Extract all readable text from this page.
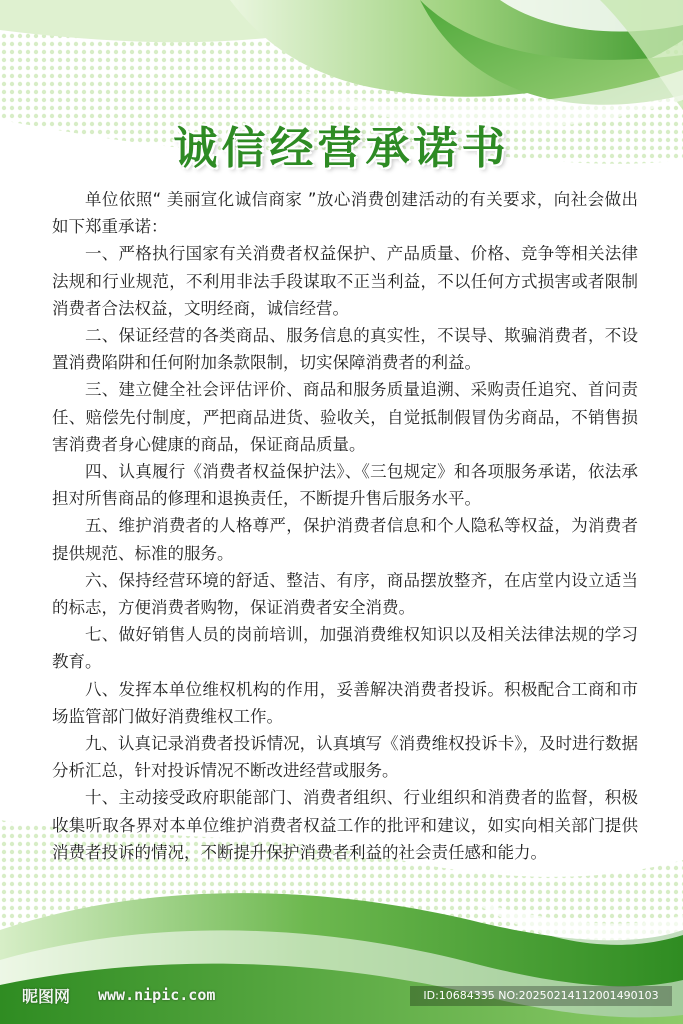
诚信经营承诺书

单位依照“ 美丽宣化诚信商家 ”放心消费创建活动的有关要求，向社会做出如下郑重承诺：

一、严格执行国家有关消费者权益保护、产品质量、价格、竞争等相关法律法规和行业规范，不利用非法手段谋取不正当利益，不以任何方式损害或者限制消费者合法权益，文明经商，诚信经营。

二、保证经营的各类商品、服务信息的真实性，不误导、欺骗消费者，不设置消费陷阱和任何附加条款限制，切实保障消费者的利益。

三、建立健全社会评估评价、商品和服务质量追溯、采购责任追究、首问责任、赔偿先付制度，严把商品进货、验收关，自觉抵制假冒伪劣商品，不销售损害消费者身心健康的商品，保证商品质量。

四、认真履行《消费者权益保护法》、《三包规定》和各项服务承诺，依法承担对所售商品的修理和退换责任，不断提升售后服务水平。

五、维护消费者的人格尊严，保护消费者信息和个人隐私等权益，为消费者提供规范、标准的服务。

六、保持经营环境的舒适、整洁、有序，商品摆放整齐，在店堂内设立适当的标志，方便消费者购物，保证消费者安全消费。

七、做好销售人员的岗前培训，加强消费维权知识以及相关法律法规的学习教育。

八、发挥本单位维权机构的作用，妥善解决消费者投诉。积极配合工商和市场监管部门做好消费维权工作。

九、认真记录消费者投诉情况，认真填写《消费维权投诉卡》，及时进行数据分析汇总，针对投诉情况不断改进经营或服务。

十、主动接受政府职能部门、消费者组织、行业组织和消费者的监督，积极收集听取各界对本单位维护消费者权益工作的批评和建议，如实向相关部门提供消费者投诉的情况，不断提升保护消费者利益的社会责任感和能力。

昵图网 www.nipic.com	ID:10684335 NO:20250214112001490103
